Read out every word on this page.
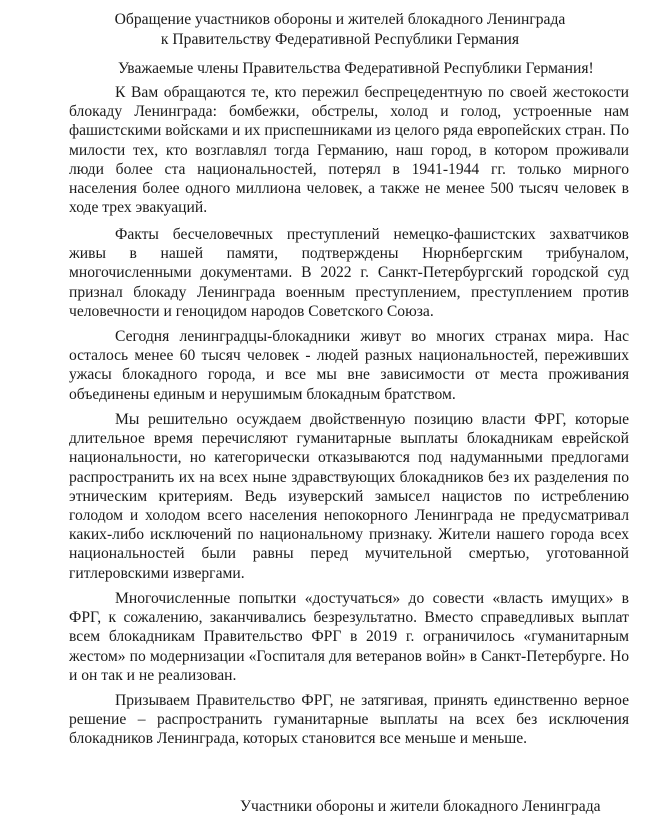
Обращение участников обороны и жителей блокадного Ленинграда
к Правительству Федеративной Республики Германия

Уважаемые члены Правительства Федеративной Республики Германия!

К Вам обращаются те, кто пережил беспрецедентную по своей жестокости блокаду Ленинграда: бомбежки, обстрелы, холод и голод, устроенные нам фашистскими войсками и их приспешниками из целого ряда европейских стран. По милости тех, кто возглавлял тогда Германию, наш город, в котором проживали люди более ста национальностей, потерял в 1941-1944 гг. только мирного населения более одного миллиона человек, а также не менее 500 тысяч человек в ходе трех эвакуаций.

Факты бесчеловечных преступлений немецко-фашистских захватчиков живы в нашей памяти, подтверждены Нюрнбергским трибуналом, многочисленными документами. В 2022 г. Санкт-Петербургский городской суд признал блокаду Ленинграда военным преступлением, преступлением против человечности и геноцидом народов Советского Союза.

Сегодня ленинградцы-блокадники живут во многих странах мира. Нас осталось менее 60 тысяч человек - людей разных национальностей, переживших ужасы блокадного города, и все мы вне зависимости от места проживания объединены единым и нерушимым блокадным братством.

Мы решительно осуждаем двойственную позицию власти ФРГ, которые длительное время перечисляют гуманитарные выплаты блокадникам еврейской национальности, но категорически отказываются под надуманными предлогами распространить их на всех ныне здравствующих блокадников без их разделения по этническим критериям. Ведь изуверский замысел нацистов по истреблению голодом и холодом всего населения непокорного Ленинграда не предусматривал каких-либо исключений по национальному признаку. Жители нашего города всех национальностей были равны перед мучительной смертью, уготованной гитлеровскими извергами.

Многочисленные попытки «достучаться» до совести «власть имущих» в ФРГ, к сожалению, заканчивались безрезультатно. Вместо справедливых выплат всем блокадникам Правительство ФРГ в 2019 г. ограничилось «гуманитарным жестом» по модернизации «Госпиталя для ветеранов войн» в Санкт-Петербурге. Но и он так и не реализован.

Призываем Правительство ФРГ, не затягивая, принять единственно верное решение – распространить гуманитарные выплаты на всех без исключения блокадников Ленинграда, которых становится все меньше и меньше.

Участники обороны и жители блокадного Ленинграда
